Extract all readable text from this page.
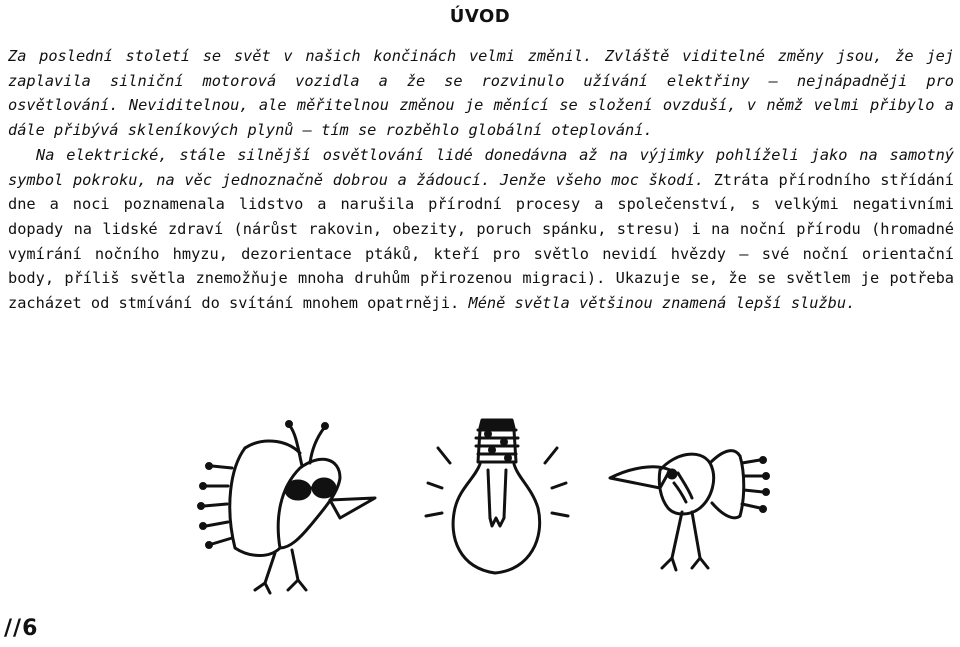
ÚVOD

Za poslední století se svět v našich končinách velmi změnil. Zvláště viditelné změny jsou, že jej zaplavila silniční motorová vozidla a že se rozvinulo užívání elektřiny – nejnápadněji pro osvětlování. Neviditelnou, ale měřitelnou změnou je měnící se složení ovzduší, v němž velmi přibylo a dále přibývá skleníkových plynů – tím se rozběhlo globální oteplování.

Na elektrické, stále silnější osvětlování lidé donedávna až na výjimky pohlíželi jako na samotný symbol pokroku, na věc jednoznačně dobrou a žádoucí. Jenže všeho moc škodí. Ztráta přírodního střídání dne a noci poznamenala lidstvo a narušila přírodní procesy a společenství, s velkými negativními dopady na lidské zdraví (nárůst rakovin, obezity, poruch spánku, stresu) i na noční přírodu (hromadné vymírání nočního hmyzu, dezorientace ptáků, kteří pro světlo nevidí hvězdy – své noční orientační body, příliš světla znemožňuje mnoha druhům přirozenou migraci). Ukazuje se, že se světlem je potřeba zacházet od stmívání do svítání mnohem opatrněji. Méně světla většinou znamená lepší službu.

//6
